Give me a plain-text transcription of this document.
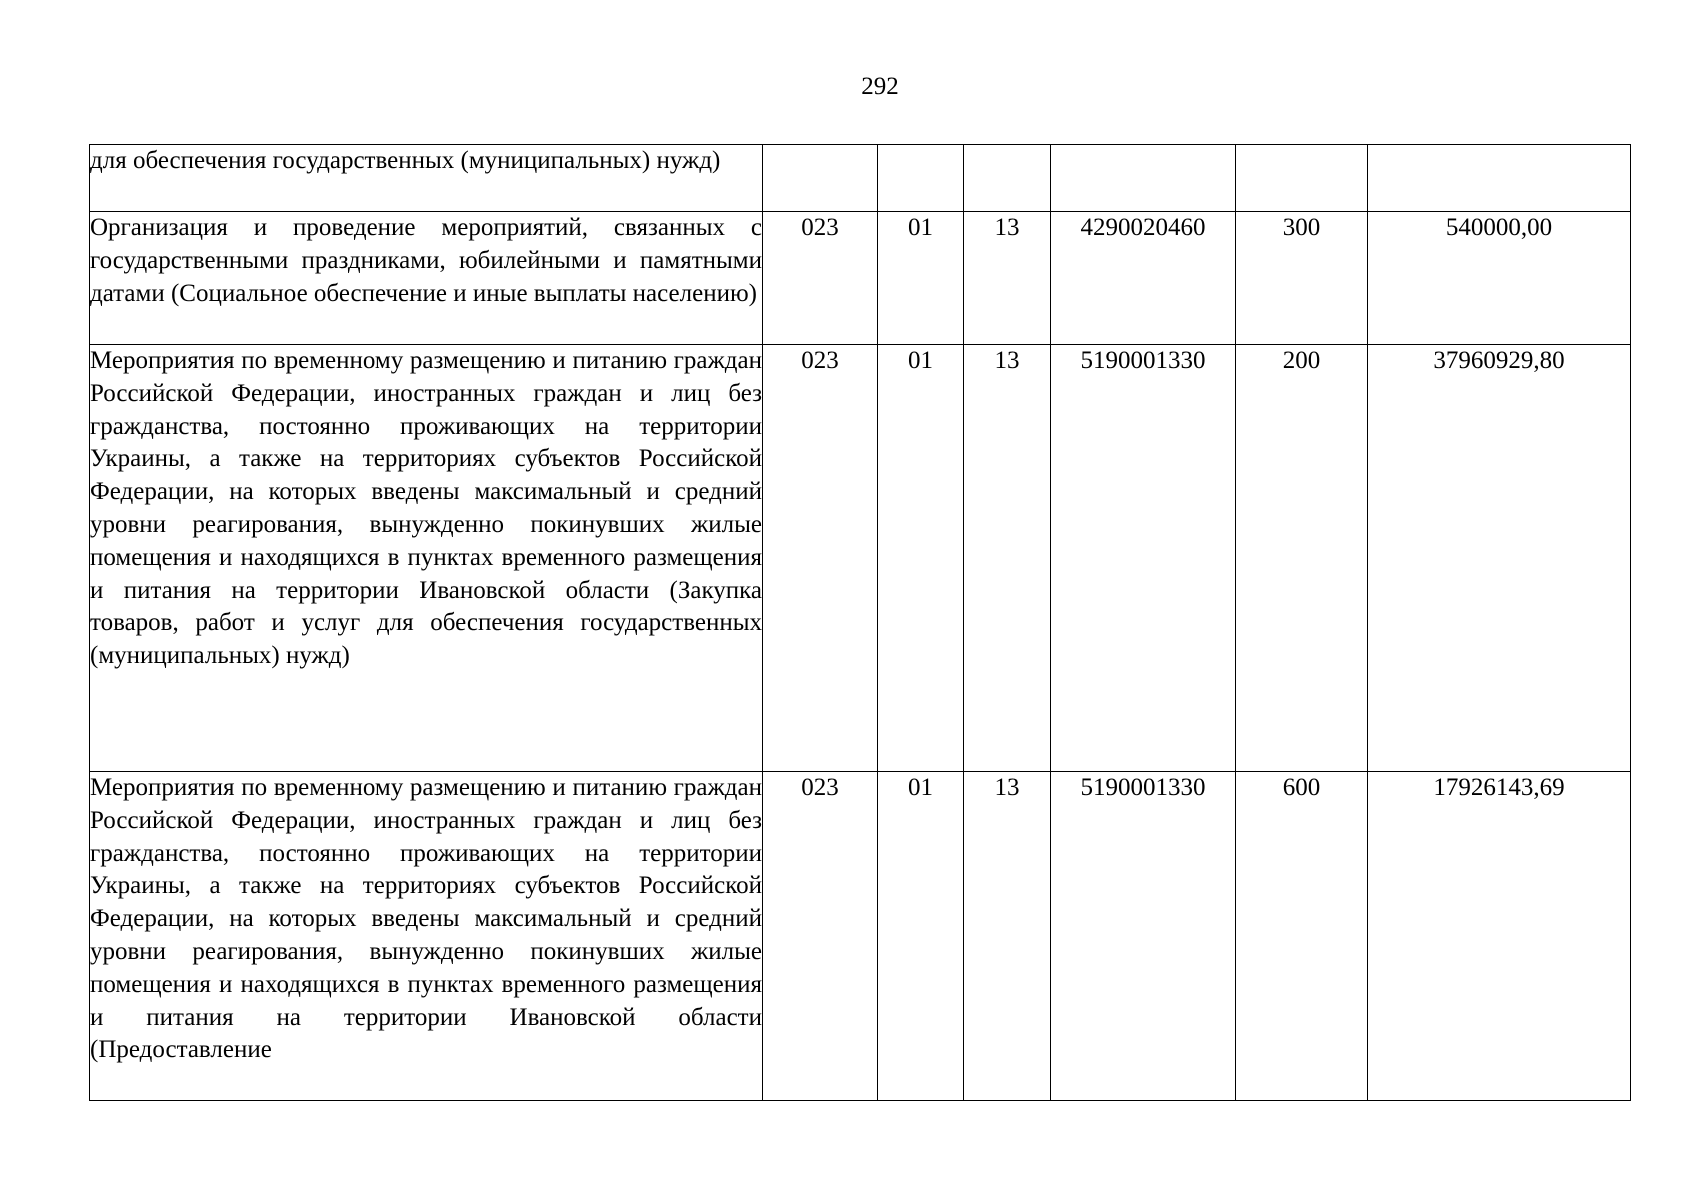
292
для обеспечения государственных (муниципальных) нужд)						
Организация и проведение мероприятий, связанных с государственными праздниками, юбилейными и памятными датами (Социальное обеспечение и иные выплаты населению)	023	01	13	4290020460	300	540000,00
Мероприятия по временному размещению и питанию граждан Российской Федерации, иностранных граждан и лиц без гражданства, постоянно проживающих на территории Украины, а также на территориях субъектов Российской Федерации, на которых введены максимальный и средний уровни реагирования, вынужденно покинувших жилые помещения и находящихся в пунктах временного размещения и питания на территории Ивановской области (Закупка товаров, работ и услуг для обеспечения государственных (муниципальных) нужд)	023	01	13	5190001330	200	37960929,80
Мероприятия по временному размещению и питанию граждан Российской Федерации, иностранных граждан и лиц без гражданства, постоянно проживающих на территории Украины, а также на территориях субъектов Российской Федерации, на которых введены максимальный и средний уровни реагирования, вынужденно покинувших жилые помещения и находящихся в пунктах временного размещения и питания на территории Ивановской области (Предоставление	023	01	13	5190001330	600	17926143,69
